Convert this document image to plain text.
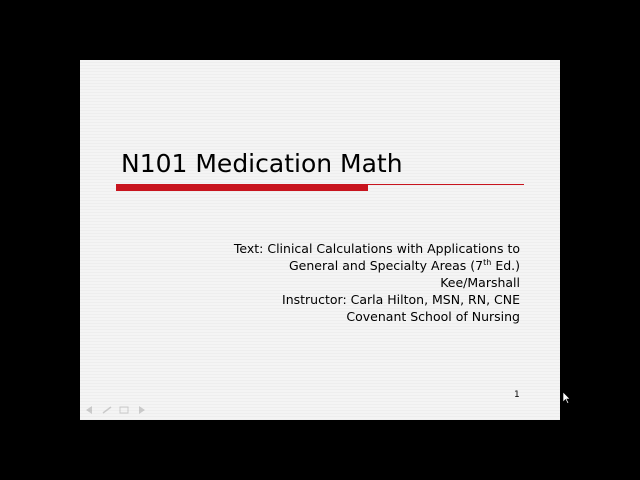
N101 Medication Math
Text: Clinical Calculations with Applications to
General and Specialty Areas (7th Ed.)
Kee/Marshall
Instructor: Carla Hilton, MSN, RN, CNE
Covenant School of Nursing
1
